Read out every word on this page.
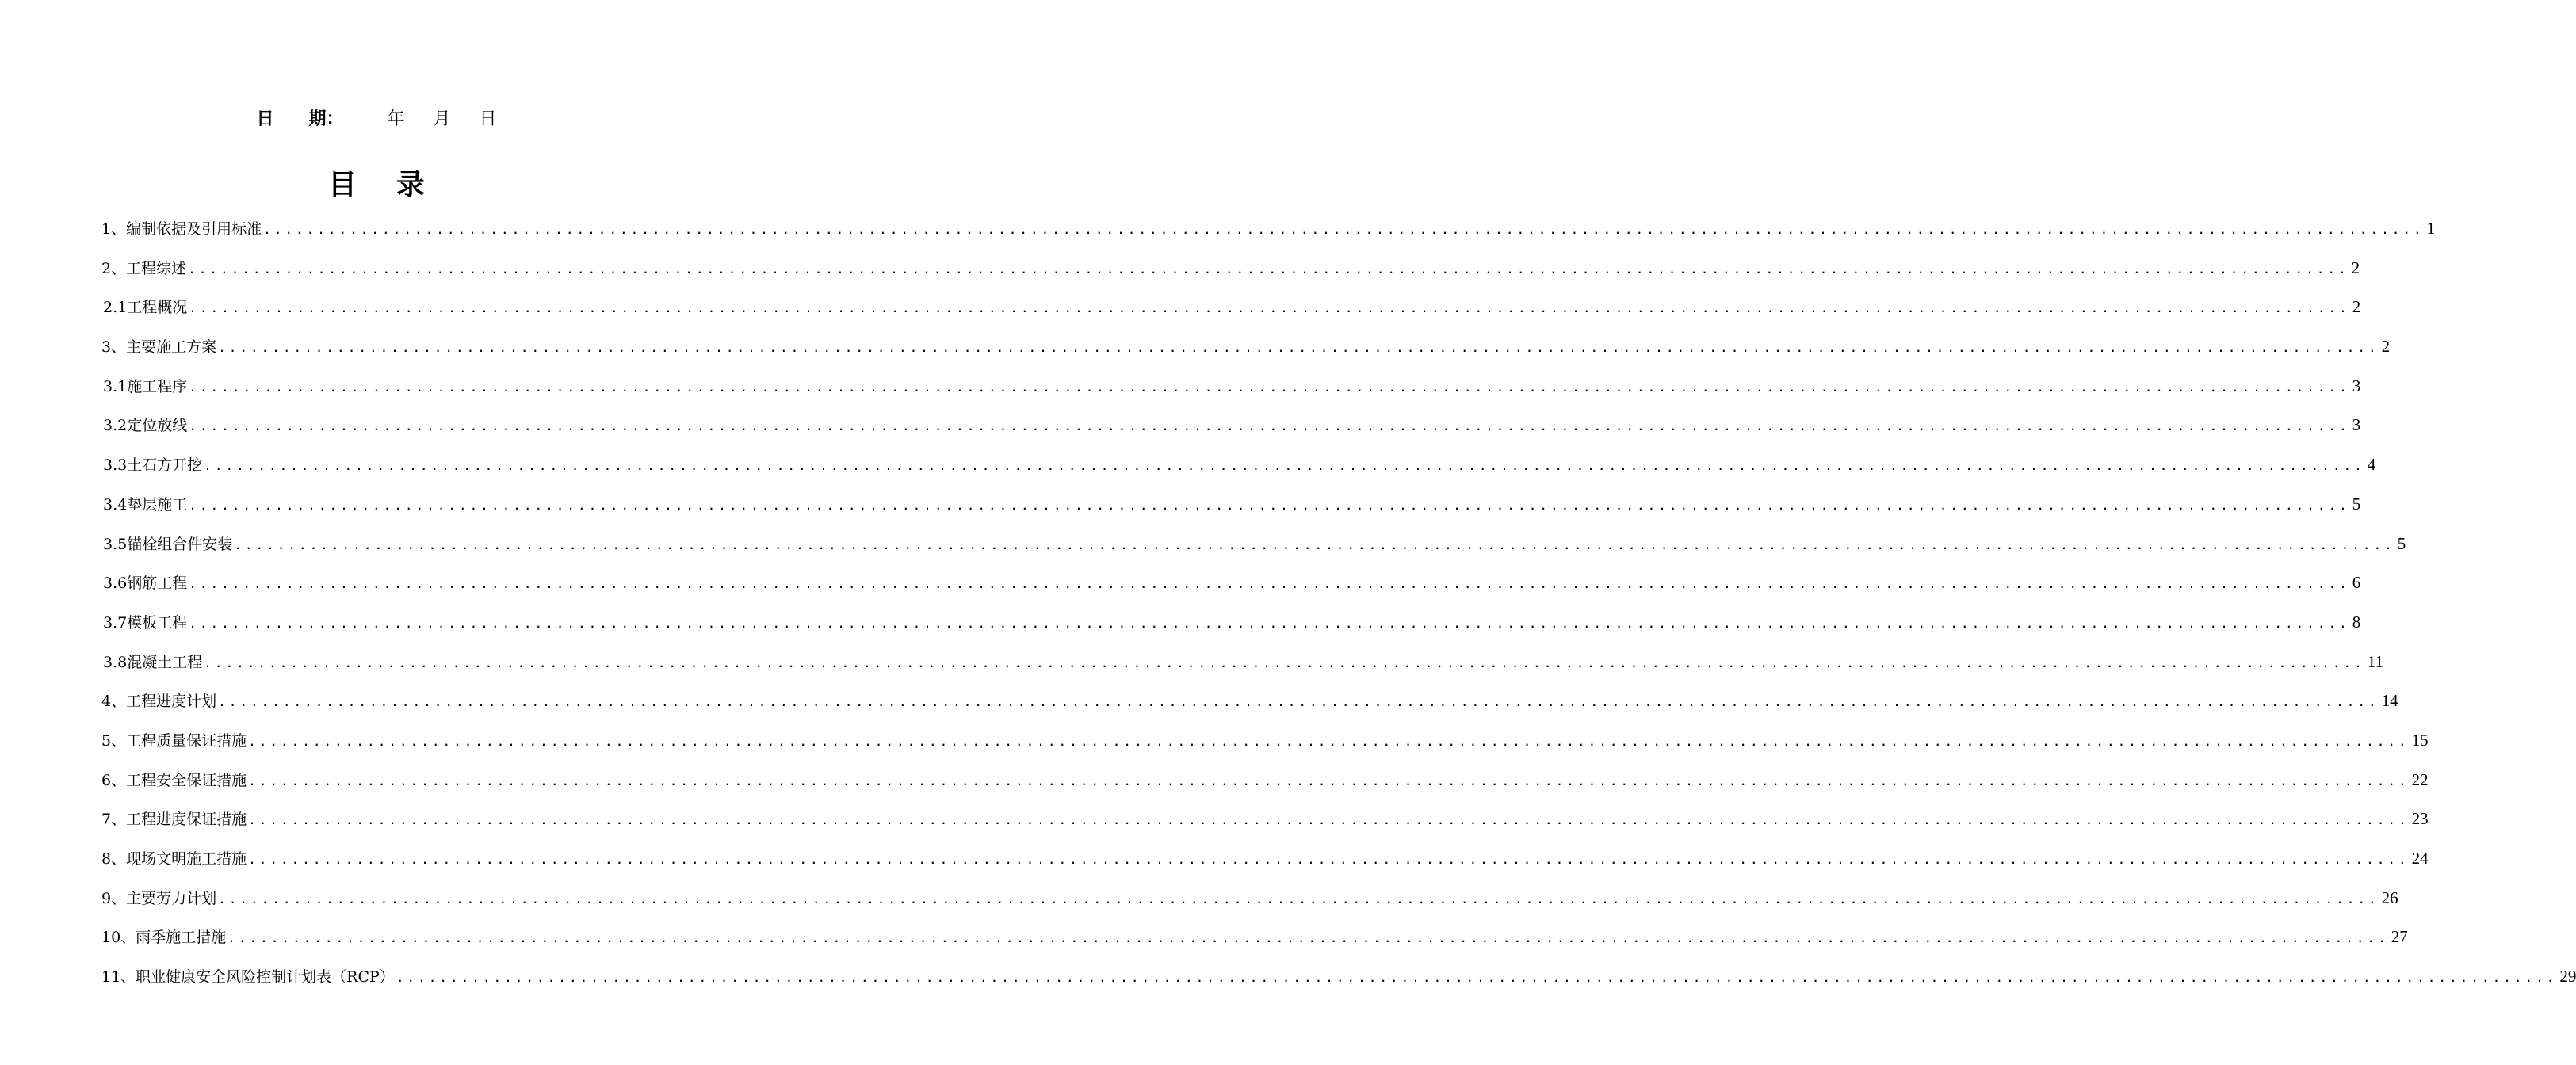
日 期：	年 月 日
目录
1、编制依据及引用标准 ........................................................................................................................................................................................................ 1
2、工程综述 ........................................................................................................................................................................................................ 2
2.1工程概况 ........................................................................................................................................................................................................ 2
3、主要施工方案 ........................................................................................................................................................................................................ 2
3.1施工程序 ........................................................................................................................................................................................................ 3
3.2定位放线 ........................................................................................................................................................................................................ 3
3.3土石方开挖 ........................................................................................................................................................................................................ 4
3.4垫层施工 ........................................................................................................................................................................................................ 5
3.5锚栓组合件安装 ........................................................................................................................................................................................................ 5
3.6钢筋工程 ........................................................................................................................................................................................................ 6
3.7模板工程 ........................................................................................................................................................................................................ 8
3.8混凝土工程 ........................................................................................................................................................................................................ 11
4、工程进度计划 ........................................................................................................................................................................................................ 14
5、工程质量保证措施 ........................................................................................................................................................................................................ 15
6、工程安全保证措施 ........................................................................................................................................................................................................ 22
7、工程进度保证措施 ........................................................................................................................................................................................................ 23
8、现场文明施工措施 ........................................................................................................................................................................................................ 24
9、主要劳力计划 ........................................................................................................................................................................................................ 26
10、雨季施工措施 ........................................................................................................................................................................................................ 27
11、职业健康安全风险控制计划表（RCP） ........................................................................................................................................................................................................ 29
